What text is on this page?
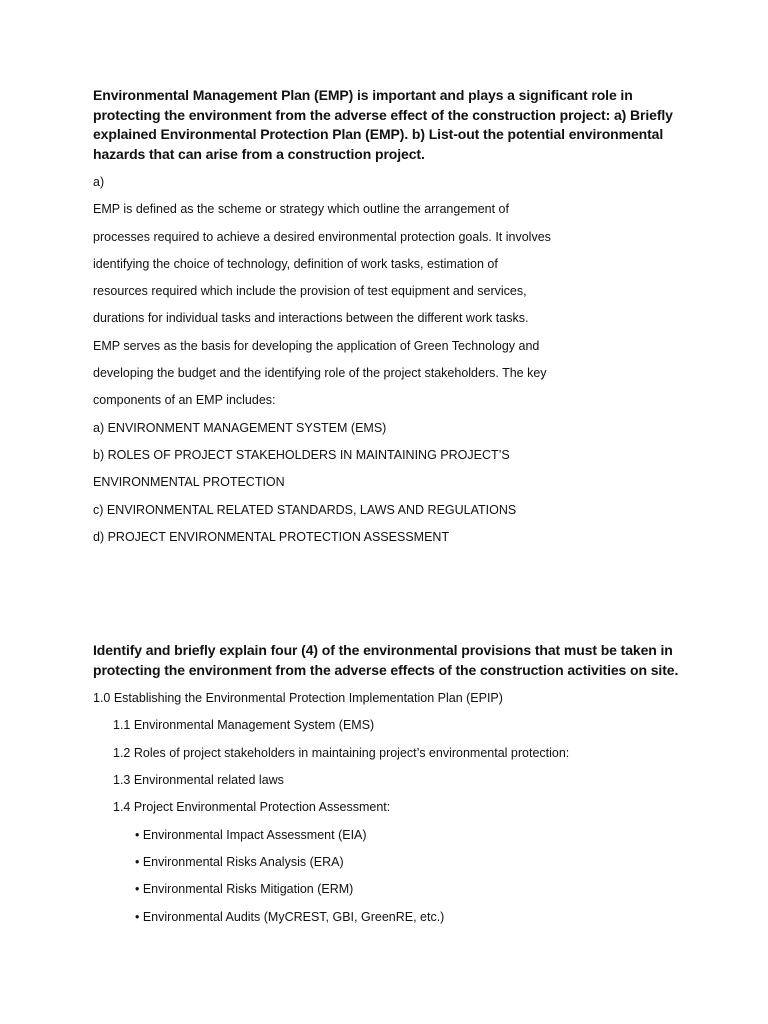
Environmental Management Plan (EMP) is important and plays a significant role in

protecting the environment from the adverse effect of the construction project: a) Briefly

explained Environmental Protection Plan (EMP). b) List-out the potential environmental

hazards that can arise from a construction project.

a)

EMP is defined as the scheme or strategy which outline the arrangement of

processes required to achieve a desired environmental protection goals. It involves

identifying the choice of technology, definition of work tasks, estimation of

resources required which include the provision of test equipment and services,

durations for individual tasks and interactions between the different work tasks.

EMP serves as the basis for developing the application of Green Technology and

developing the budget and the identifying role of the project stakeholders. The key

components of an EMP includes:

a) ENVIRONMENT MANAGEMENT SYSTEM (EMS)

b) ROLES OF PROJECT STAKEHOLDERS IN MAINTAINING PROJECT’S

ENVIRONMENTAL PROTECTION

c) ENVIRONMENTAL RELATED STANDARDS, LAWS AND REGULATIONS

d) PROJECT ENVIRONMENTAL PROTECTION ASSESSMENT

Identify and briefly explain four (4) of the environmental provisions that must be taken in

protecting the environment from the adverse effects of the construction activities on site.

1.0 Establishing the Environmental Protection Implementation Plan (EPIP)

1.1 Environmental Management System (EMS)

1.2 Roles of project stakeholders in maintaining project’s environmental protection:

1.3 Environmental related laws

1.4 Project Environmental Protection Assessment:

• Environmental Impact Assessment (EIA)

• Environmental Risks Analysis (ERA)

• Environmental Risks Mitigation (ERM)

• Environmental Audits (MyCREST, GBI, GreenRE, etc.)
